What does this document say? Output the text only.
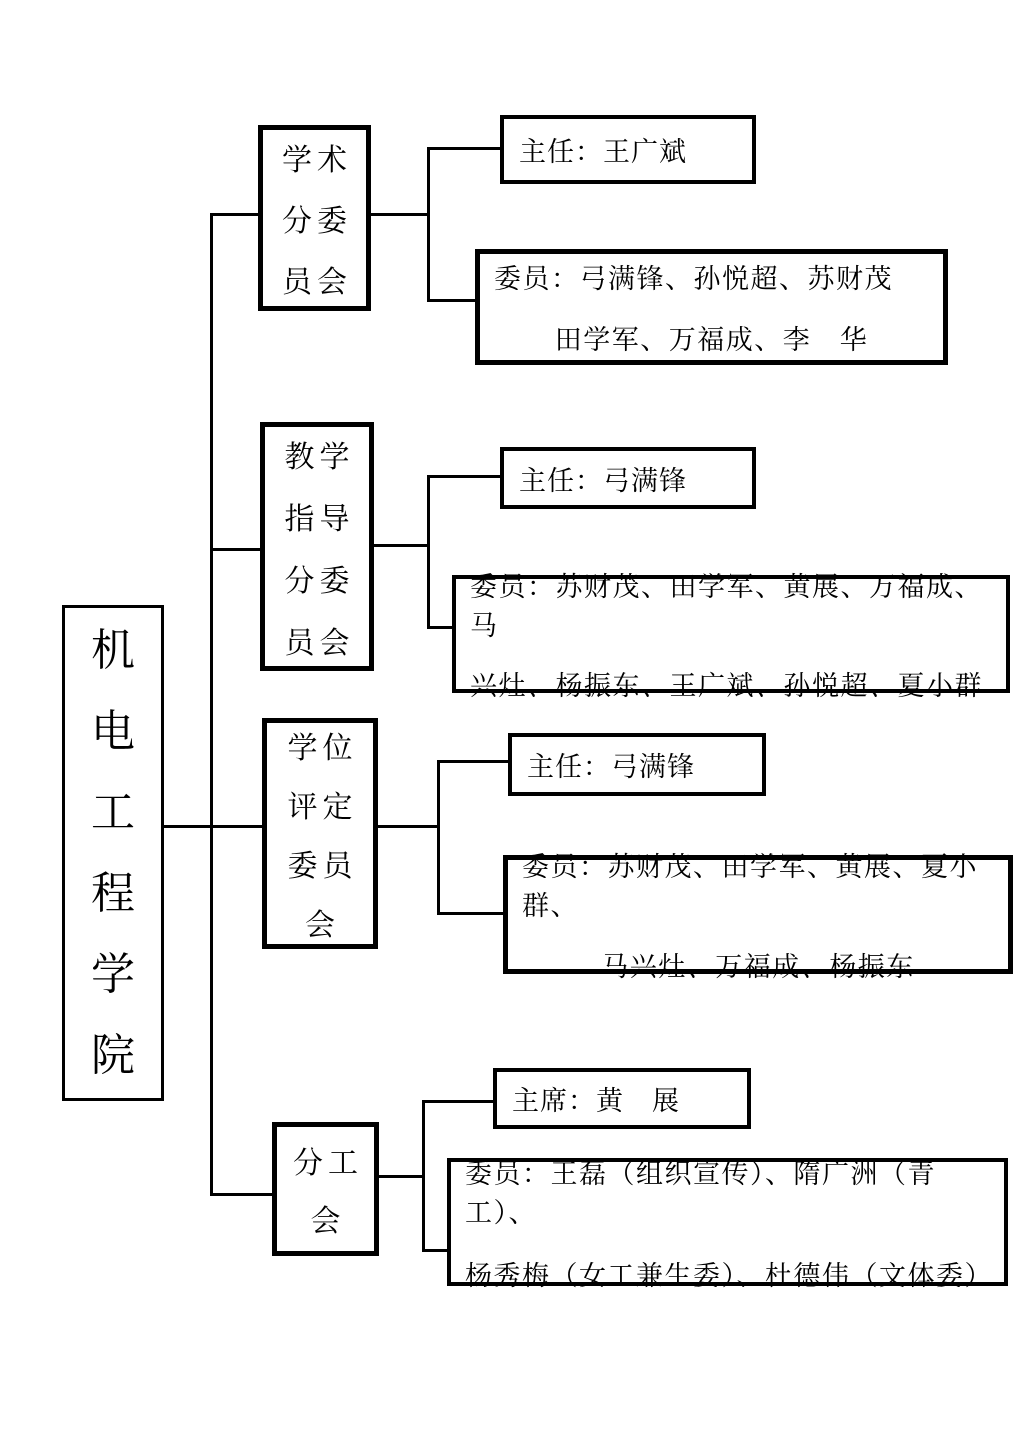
机电工程学院
学术
分委
员会
主任：王广斌
委员：弓满锋、孙悦超、苏财茂
田学军、万福成、李　华
教学
指导
分委
员会
主任：弓满锋
委员：苏财茂、田学军、黄展、万福成、马
兴灶、杨振东、王广斌、孙悦超、夏小群
学位
评定
委员
会
主任：弓满锋
委员：苏财茂、田学军、黄展、夏小群、
马兴灶、万福成、杨振东
分工
会
主席：黄　展
委员：王磊（组织宣传）、隋广洲（青工）、
杨秀梅（女工兼生委）、杜德伟（文体委）
